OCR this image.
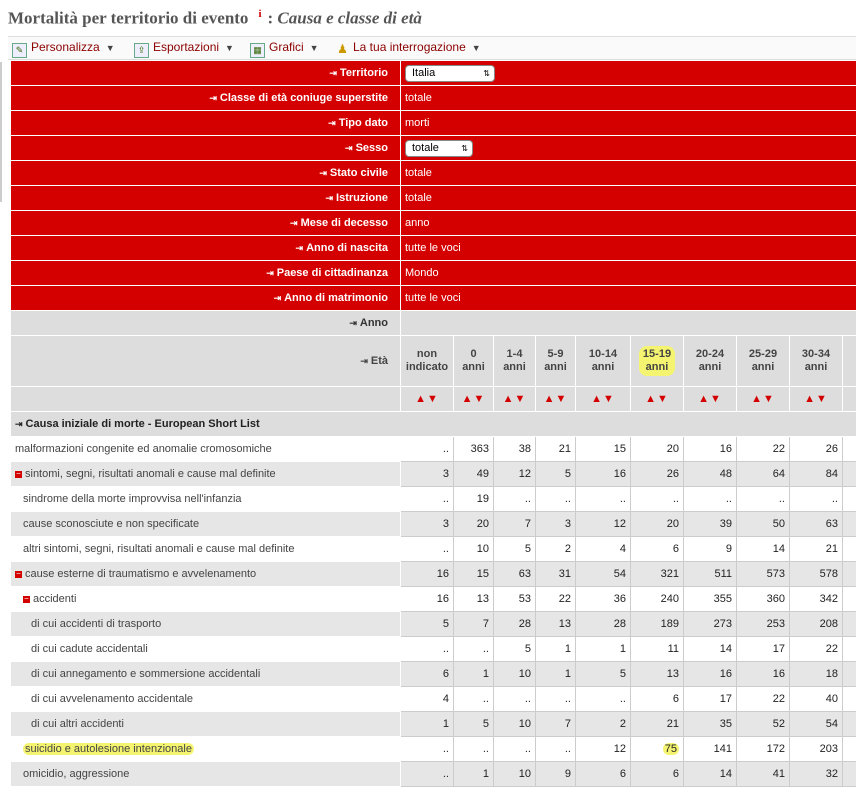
Mortalità per territorio di evento $^i$ : Causa e classe di età
✎ Personalizza ▼	⇪ Esportazioni ▼	▦ Grafici ▼ ♟ La tua interrogazione ▼
⇥ Territorio	Italia ⇅									

⇥ Classe di età coniuge superstite	totale									
⇥ Tipo dato	morti									
⇥ Sesso	totale ⇅									

⇥ Stato civile	totale									
⇥ Istruzione	totale									
⇥ Mese di decesso	anno									
⇥ Anno di nascita	tutte le voci									
⇥ Paese di cittadinanza	Mondo									
⇥ Anno di matrimonio	tutte le voci									
⇥ Anno										
⇥ Età	non
indicato	0
anni	1-4
anni	5-9
anni	10-14
anni	15-19
anni	20-24
anni	25-29
anni	30-34
anni	
	▲▼	▲▼	▲▼	▲▼	▲▼	▲▼	▲▼	▲▼	▲▼	
⇥ Causa iniziale di morte - European Short List										
malformazioni congenite ed anomalie cromosomiche	..	363	38	21	15	20	16	22	26	
− sintomi, segni, risultati anomali e cause mal definite	3	49	12	5	16	26	48	64	84	
sindrome della morte improvvisa nell'infanzia	..	19	..	..	..	..	..	..	..	
cause sconosciute e non specificate	3	20	7	3	12	20	39	50	63	
altri sintomi, segni, risultati anomali e cause mal definite	..	10	5	2	4	6	9	14	21	
− cause esterne di traumatismo e avvelenamento	16	15	63	31	54	321	511	573	578	
− accidenti	16	13	53	22	36	240	355	360	342	
di cui accidenti di trasporto	5	7	28	13	28	189	273	253	208	
di cui cadute accidentali	..	..	5	1	1	11	14	17	22	
di cui annegamento e sommersione accidentali	6	1	10	1	5	13	16	16	18	
di cui avvelenamento accidentale	4	..	..	..	..	6	17	22	40	
di cui altri accidenti	1	5	10	7	2	21	35	52	54	
suicidio e autolesione intenzionale	..	..	..	..	12	75	141	172	203	
omicidio, aggressione	..	1	10	9	6	6	14	41	32	
